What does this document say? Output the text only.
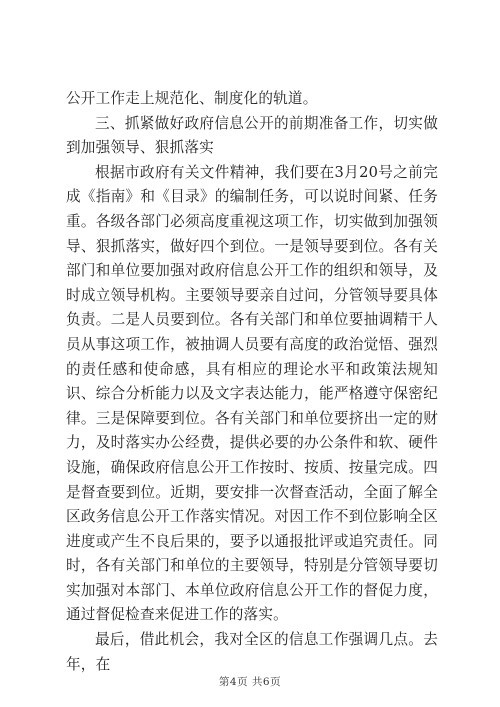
公开工作走上规范化、制度化的轨道。

三、抓紧做好政府信息公开的前期准备工作，切实做到加强领导、狠抓落实

根据市政府有关文件精神，我们要在3月20号之前完成《指南》和《目录》的编制任务，可以说时间紧、任务重。各级各部门必须高度重视这项工作，切实做到加强领导、狠抓落实，做好四个到位。一是领导要到位。各有关部门和单位要加强对政府信息公开工作的组织和领导，及时成立领导机构。主要领导要亲自过问，分管领导要具体负责。二是人员要到位。各有关部门和单位要抽调精干人员从事这项工作，被抽调人员要有高度的政治觉悟、强烈的责任感和使命感，具有相应的理论水平和政策法规知识、综合分析能力以及文字表达能力，能严格遵守保密纪律。三是保障要到位。各有关部门和单位要挤出一定的财力，及时落实办公经费，提供必要的办公条件和软、硬件设施，确保政府信息公开工作按时、按质、按量完成。四是督查要到位。近期，要安排一次督查活动，全面了解全区政务信息公开工作落实情况。对因工作不到位影响全区进度或产生不良后果的，要予以通报批评或追究责任。同时，各有关部门和单位的主要领导，特别是分管领导要切实加强对本部门、本单位政府信息公开工作的督促力度，通过督促检查来促进工作的落实。

最后，借此机会，我对全区的信息工作强调几点。去年，在

第4页 共6页
